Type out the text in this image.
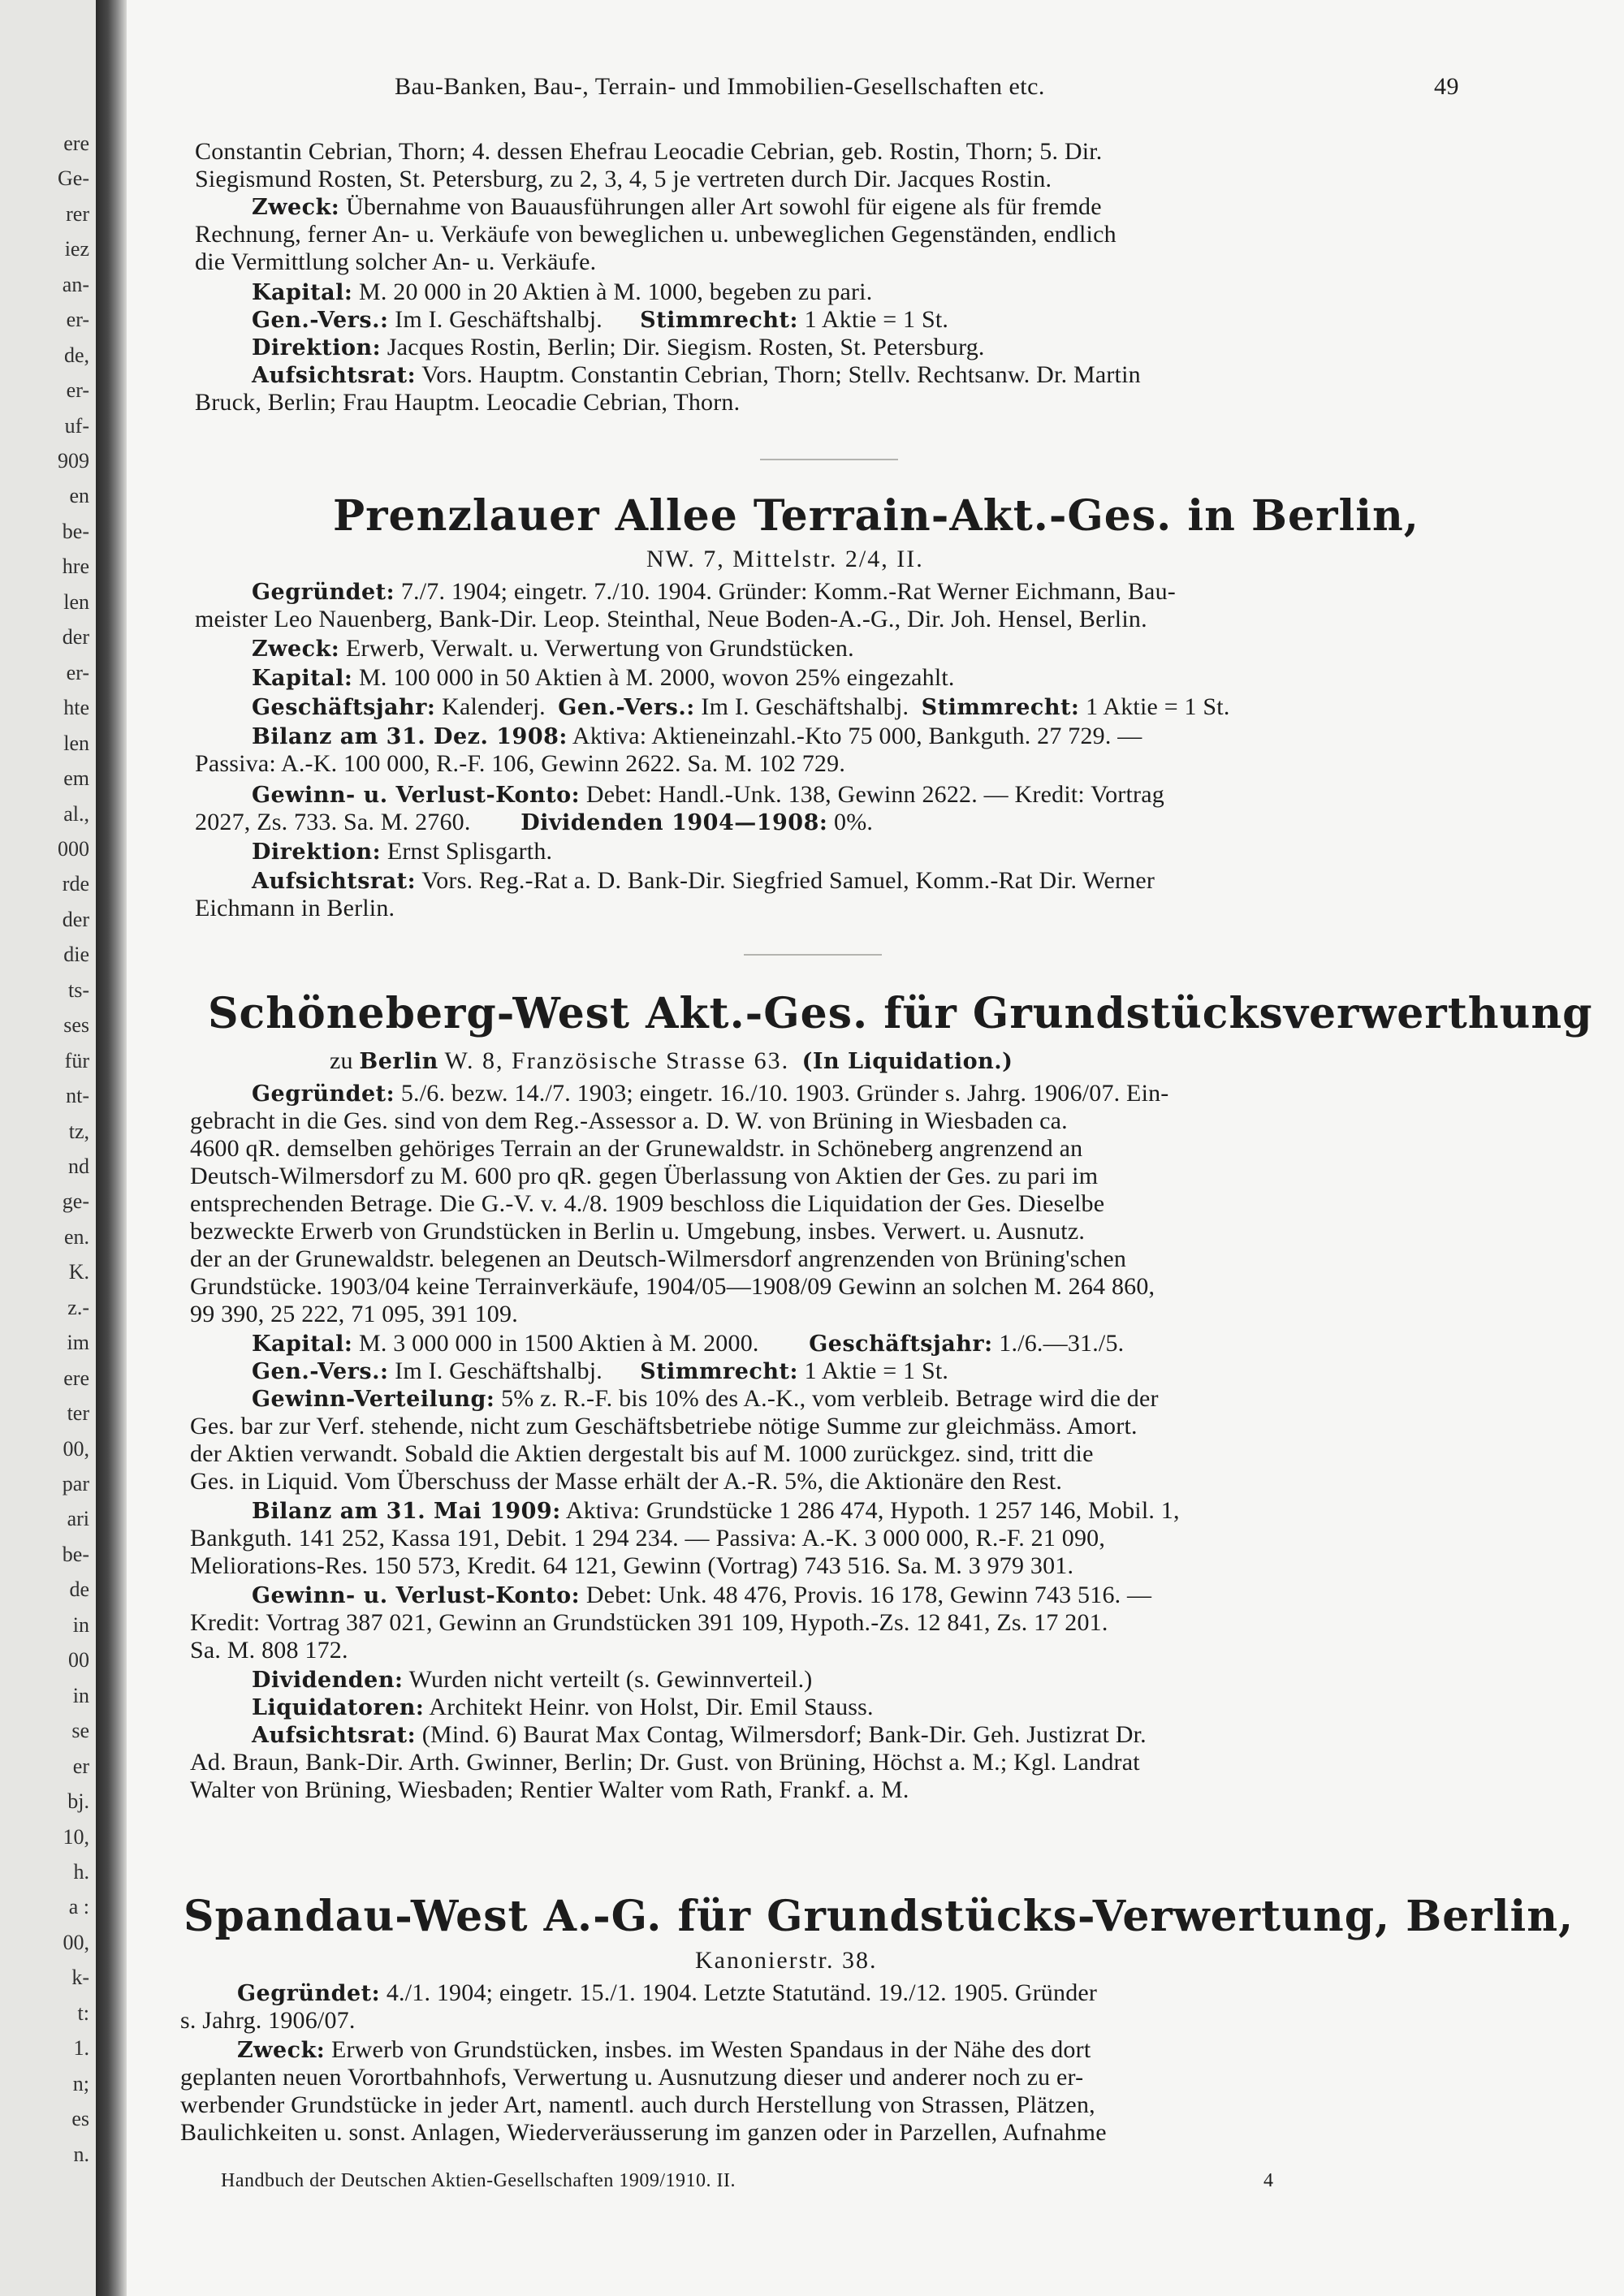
ere
Ge-
rer
iez
an-
er-
de,
er-
uf-
909
en
be-
hre
len
der
er-
hte
len
em
al.,
000
rde
der
die
ts-
ses
für
nt-
tz,
nd
ge-
en.
K.
z.-
im
ere
ter
00,
par
ari
be-
de
in
00
in
se
er
bj.
10,
h.
a :
00,
k-
t:
1.
n;
es
n.
Bau-Banken, Bau-, Terrain- und Immobilien-Gesellschaften etc.	49
Constantin Cebrian, Thorn; 4. dessen Ehefrau Leocadie Cebrian, geb. Rostin, Thorn; 5. Dir.
Siegismund Rosten, St. Petersburg, zu 2, 3, 4, 5 je vertreten durch Dir. Jacques Rostin.
Zweck: Übernahme von Bauausführungen aller Art sowohl für eigene als für fremde
Rechnung, ferner An- u. Verkäufe von beweglichen u. unbeweglichen Gegenständen, endlich
die Vermittlung solcher An- u. Verkäufe.
Kapital: M. 20 000 in 20 Aktien à M. 1000, begeben zu pari.
Gen.-Vers.: Im I. Geschäftshalbj. Stimmrecht: 1 Aktie = 1 St.
Direktion: Jacques Rostin, Berlin; Dir. Siegism. Rosten, St. Petersburg.
Aufsichtsrat: Vors. Hauptm. Constantin Cebrian, Thorn; Stellv. Rechtsanw. Dr. Martin
Bruck, Berlin; Frau Hauptm. Leocadie Cebrian, Thorn.
Prenzlauer Allee Terrain-Akt.-Ges. in Berlin,
NW. 7, Mittelstr. 2/4, II.
Gegründet: 7./7. 1904; eingetr. 7./10. 1904. Gründer: Komm.-Rat Werner Eichmann, Bau-
meister Leo Nauenberg, Bank-Dir. Leop. Steinthal, Neue Boden-A.-G., Dir. Joh. Hensel, Berlin.
Zweck: Erwerb, Verwalt. u. Verwertung von Grundstücken.
Kapital: M. 100 000 in 50 Aktien à M. 2000, wovon 25% eingezahlt.
Geschäftsjahr: Kalenderj. Gen.-Vers.: Im I. Geschäftshalbj. Stimmrecht: 1 Aktie = 1 St.
Bilanz am 31. Dez. 1908: Aktiva: Aktieneinzahl.-Kto 75 000, Bankguth. 27 729. —
Passiva: A.-K. 100 000, R.-F. 106, Gewinn 2622. Sa. M. 102 729.
Gewinn- u. Verlust-Konto: Debet: Handl.-Unk. 138, Gewinn 2622. — Kredit: Vortrag
2027, Zs. 733. Sa. M. 2760. Dividenden 1904—1908: 0%.
Direktion: Ernst Splisgarth.
Aufsichtsrat: Vors. Reg.-Rat a. D. Bank-Dir. Siegfried Samuel, Komm.-Rat Dir. Werner
Eichmann in Berlin.
Schöneberg-West Akt.-Ges. für Grundstücksverwerthung
zu Berlin W. 8, Französische Strasse 63. (In Liquidation.)
Gegründet: 5./6. bezw. 14./7. 1903; eingetr. 16./10. 1903. Gründer s. Jahrg. 1906/07. Ein-
gebracht in die Ges. sind von dem Reg.-Assessor a. D. W. von Brüning in Wiesbaden ca.
4600 qR. demselben gehöriges Terrain an der Grunewaldstr. in Schöneberg angrenzend an
Deutsch-Wilmersdorf zu M. 600 pro qR. gegen Überlassung von Aktien der Ges. zu pari im
entsprechenden Betrage. Die G.-V. v. 4./8. 1909 beschloss die Liquidation der Ges. Dieselbe
bezweckte Erwerb von Grundstücken in Berlin u. Umgebung, insbes. Verwert. u. Ausnutz.
der an der Grunewaldstr. belegenen an Deutsch-Wilmersdorf angrenzenden von Brüning'schen
Grundstücke. 1903/04 keine Terrainverkäufe, 1904/05—1908/09 Gewinn an solchen M. 264 860,
99 390, 25 222, 71 095, 391 109.
Kapital: M. 3 000 000 in 1500 Aktien à M. 2000. Geschäftsjahr: 1./6.—31./5.
Gen.-Vers.: Im I. Geschäftshalbj. Stimmrecht: 1 Aktie = 1 St.
Gewinn-Verteilung: 5% z. R.-F. bis 10% des A.-K., vom verbleib. Betrage wird die der
Ges. bar zur Verf. stehende, nicht zum Geschäftsbetriebe nötige Summe zur gleichmäss. Amort.
der Aktien verwandt. Sobald die Aktien dergestalt bis auf M. 1000 zurückgez. sind, tritt die
Ges. in Liquid. Vom Überschuss der Masse erhält der A.-R. 5%, die Aktionäre den Rest.
Bilanz am 31. Mai 1909: Aktiva: Grundstücke 1 286 474, Hypoth. 1 257 146, Mobil. 1,
Bankguth. 141 252, Kassa 191, Debit. 1 294 234. — Passiva: A.-K. 3 000 000, R.-F. 21 090,
Meliorations-Res. 150 573, Kredit. 64 121, Gewinn (Vortrag) 743 516. Sa. M. 3 979 301.
Gewinn- u. Verlust-Konto: Debet: Unk. 48 476, Provis. 16 178, Gewinn 743 516. —
Kredit: Vortrag 387 021, Gewinn an Grundstücken 391 109, Hypoth.-Zs. 12 841, Zs. 17 201.
Sa. M. 808 172.
Dividenden: Wurden nicht verteilt (s. Gewinnverteil.)
Liquidatoren: Architekt Heinr. von Holst, Dir. Emil Stauss.
Aufsichtsrat: (Mind. 6) Baurat Max Contag, Wilmersdorf; Bank-Dir. Geh. Justizrat Dr.
Ad. Braun, Bank-Dir. Arth. Gwinner, Berlin; Dr. Gust. von Brüning, Höchst a. M.; Kgl. Landrat
Walter von Brüning, Wiesbaden; Rentier Walter vom Rath, Frankf. a. M.
Spandau-West A.-G. für Grundstücks-Verwertung, Berlin,
Kanonierstr. 38.
Gegründet: 4./1. 1904; eingetr. 15./1. 1904. Letzte Statutänd. 19./12. 1905. Gründer
s. Jahrg. 1906/07.
Zweck: Erwerb von Grundstücken, insbes. im Westen Spandaus in der Nähe des dort
geplanten neuen Vorortbahnhofs, Verwertung u. Ausnutzung dieser und anderer noch zu er-
werbender Grundstücke in jeder Art, namentl. auch durch Herstellung von Strassen, Plätzen,
Baulichkeiten u. sonst. Anlagen, Wiederveräusserung im ganzen oder in Parzellen, Aufnahme
Handbuch der Deutschen Aktien-Gesellschaften 1909/1910. II.	4
